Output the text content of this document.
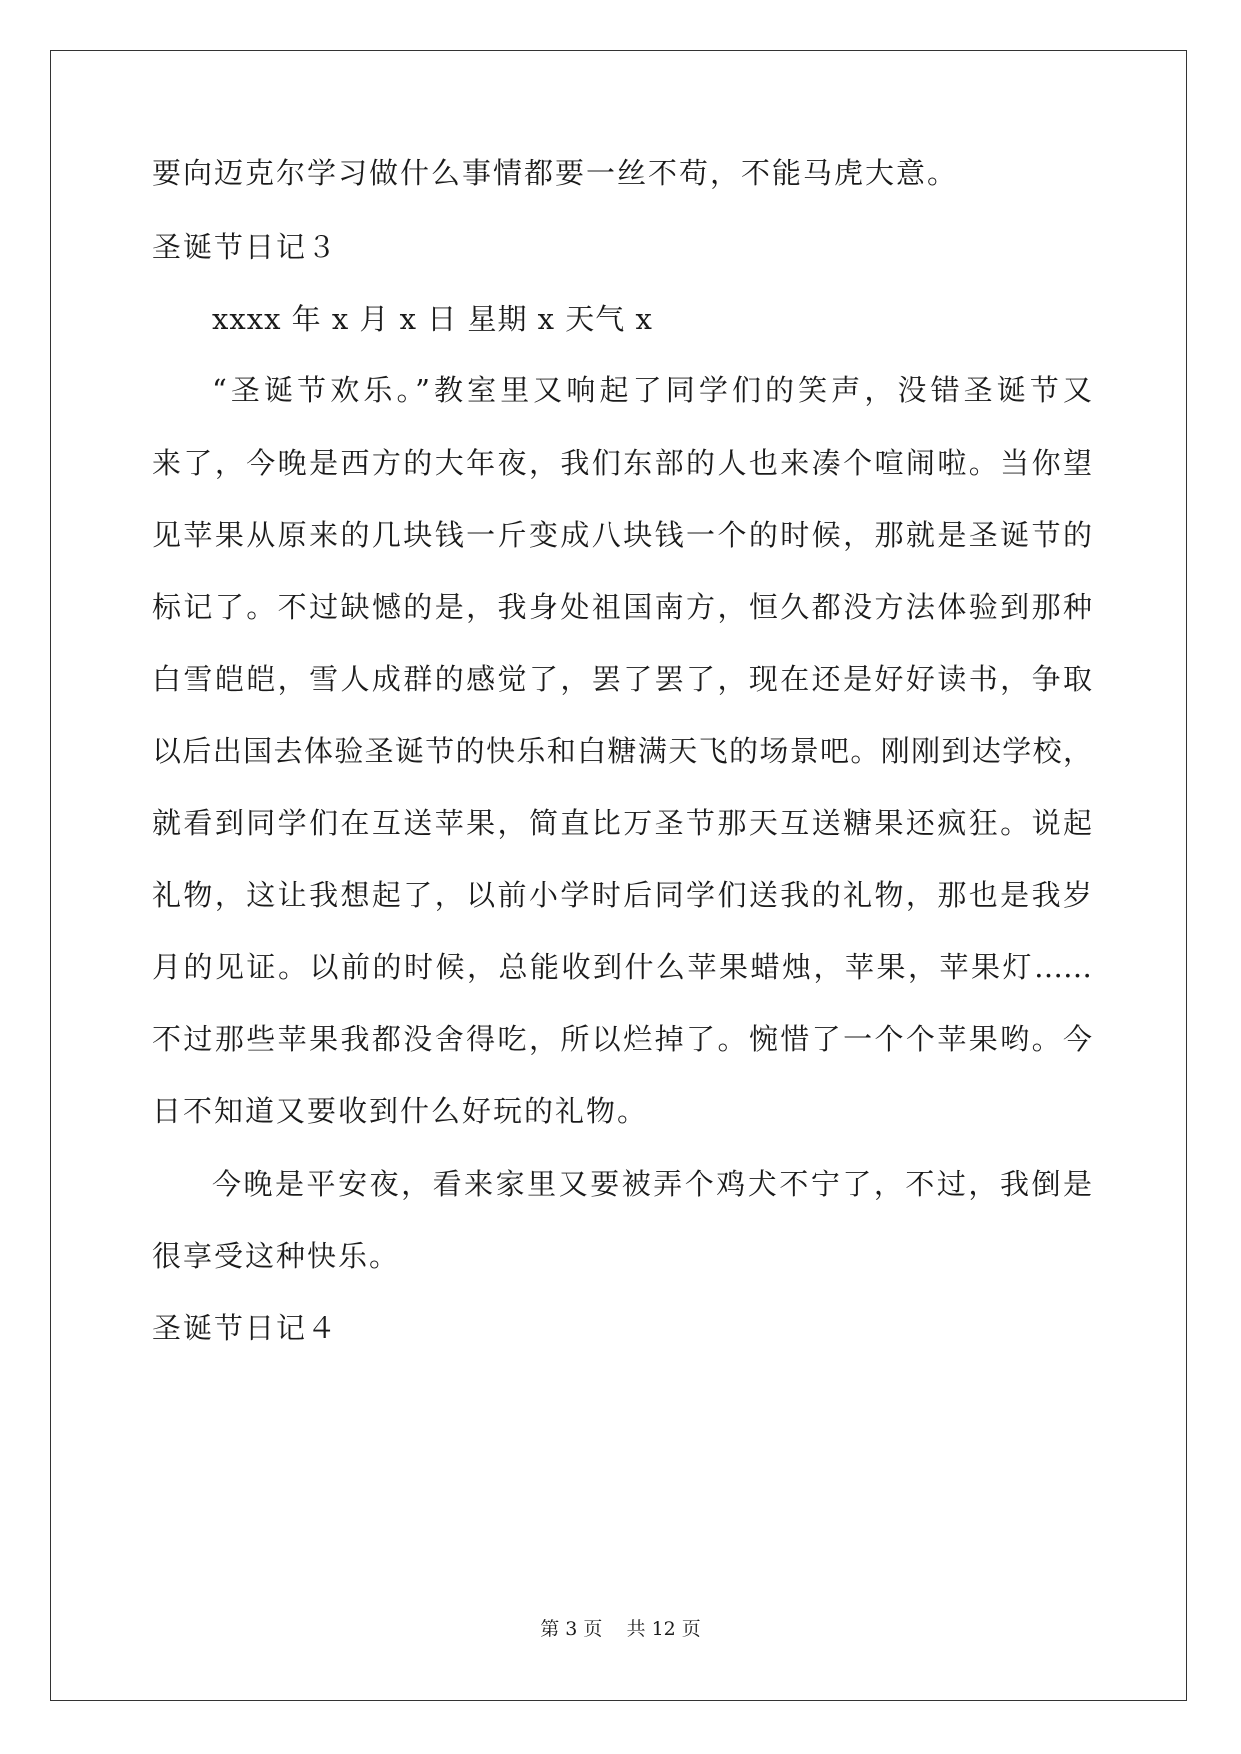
要向迈克尔学习做什么事情都要一丝不苟，不能马虎大意。
圣诞节日记３
xxxx 年 x 月 x 日 星期 x 天气 x
“圣诞节欢乐。”教室里又响起了同学们的笑声，没错圣诞节又
来了，今晚是西方的大年夜，我们东部的人也来凑个喧闹啦。当你望
见苹果从原来的几块钱一斤变成八块钱一个的时候，那就是圣诞节的
标记了。不过缺憾的是，我身处祖国南方，恒久都没方法体验到那种
白雪皑皑，雪人成群的感觉了，罢了罢了，现在还是好好读书，争取
以后出国去体验圣诞节的快乐和白糖满天飞的场景吧。刚刚到达学校，
就看到同学们在互送苹果，简直比万圣节那天互送糖果还疯狂。说起
礼物，这让我想起了，以前小学时后同学们送我的礼物，那也是我岁
月的见证。以前的时候，总能收到什么苹果蜡烛，苹果，苹果灯……
不过那些苹果我都没舍得吃，所以烂掉了。惋惜了一个个苹果哟。今
日不知道又要收到什么好玩的礼物。
今晚是平安夜，看来家里又要被弄个鸡犬不宁了，不过，我倒是
很享受这种快乐。
圣诞节日记４
第 3 页    共 12 页
